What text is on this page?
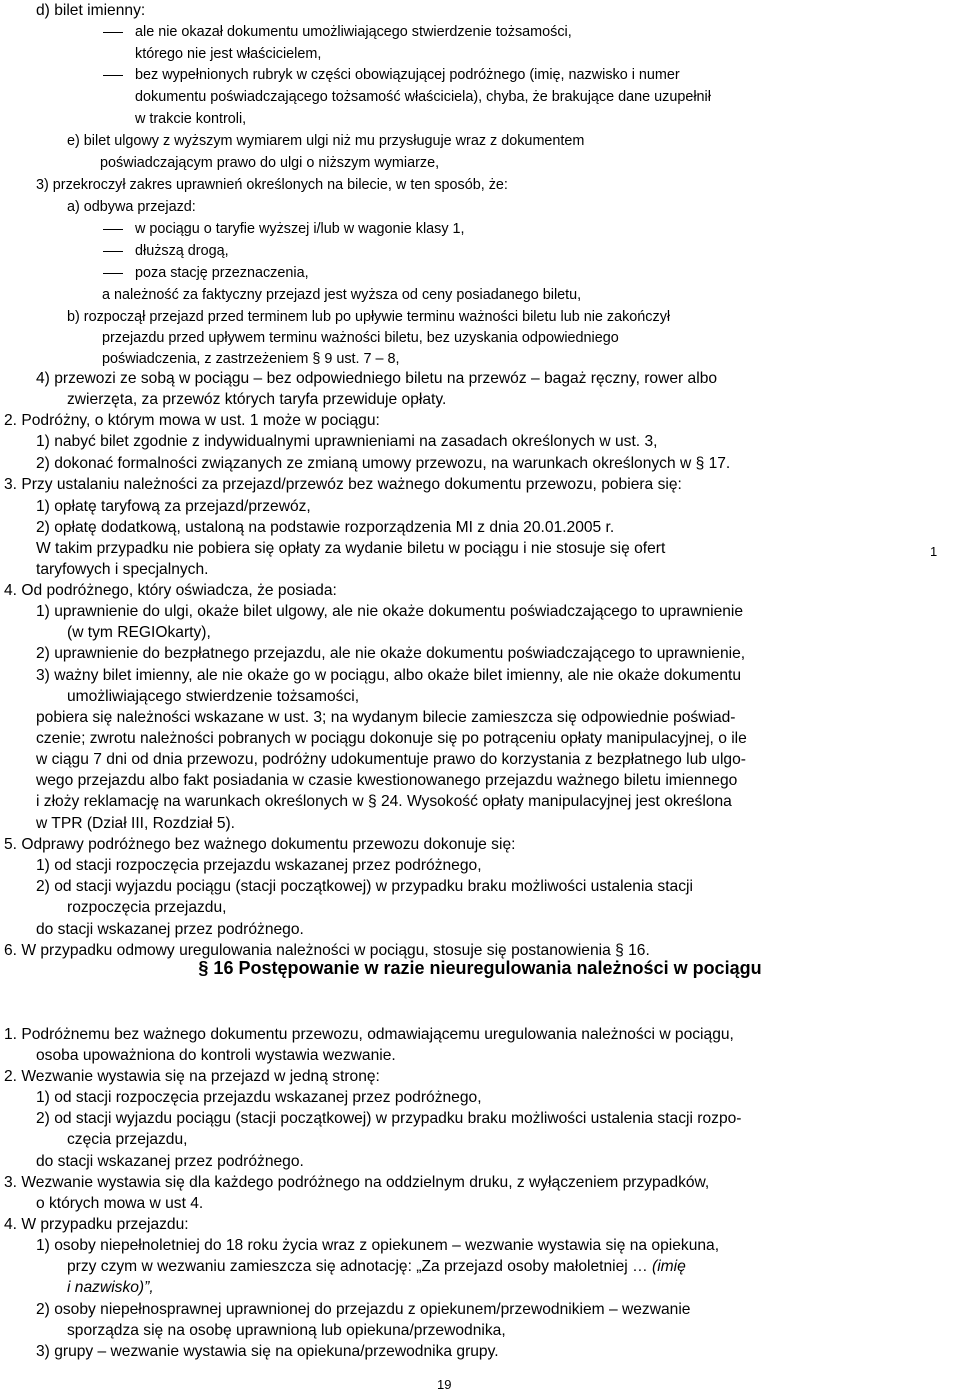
d) bilet imienny:
ale nie okazał dokumentu umożliwiającego stwierdzenie tożsamości,
którego nie jest właścicielem,
bez wypełnionych rubryk w części obowiązującej podróżnego (imię, nazwisko i numer
dokumentu poświadczającego tożsamość właściciela), chyba, że brakujące dane uzupełnił
w trakcie kontroli,
e) bilet ulgowy z wyższym wymiarem ulgi niż mu przysługuje wraz z dokumentem
poświadczającym prawo do ulgi o niższym wymiarze,
3) przekroczył zakres uprawnień określonych na bilecie, w ten sposób, że:
a) odbywa przejazd:
w pociągu o taryfie wyższej i/lub w wagonie klasy 1,
dłuższą drogą,
poza stację przeznaczenia,
a należność za faktyczny przejazd jest wyższa od ceny posiadanego biletu,
b) rozpoczął przejazd przed terminem lub po upływie terminu ważności biletu lub nie zakończył
przejazdu przed upływem terminu ważności biletu, bez uzyskania odpowiedniego
poświadczenia, z zastrzeżeniem § 9 ust. 7 – 8,
4) przewozi ze sobą w pociągu – bez odpowiedniego biletu na przewóz – bagaż ręczny, rower albo
zwierzęta, za przewóz których taryfa przewiduje opłaty.
2. Podróżny, o którym mowa w ust. 1 może w pociągu:
1) nabyć bilet zgodnie z indywidualnymi uprawnieniami na zasadach określonych w ust. 3,
2) dokonać formalności związanych ze zmianą umowy przewozu, na warunkach określonych w § 17.
3. Przy ustalaniu należności za przejazd/przewóz bez ważnego dokumentu przewozu, pobiera się:
1) opłatę taryfową za przejazd/przewóz,
2) opłatę dodatkową, ustaloną na podstawie rozporządzenia MI z dnia 20.01.2005 r.
W takim przypadku nie pobiera się opłaty za wydanie biletu w pociągu i nie stosuje się ofert
taryfowych i specjalnych.
4. Od podróżnego, który oświadcza, że posiada:
1) uprawnienie do ulgi, okaże bilet ulgowy, ale nie okaże dokumentu poświadczającego to uprawnienie
(w tym REGIOkarty),
2) uprawnienie do bezpłatnego przejazdu, ale nie okaże dokumentu poświadczającego to uprawnienie,
3) ważny bilet imienny, ale nie okaże go w pociągu, albo okaże bilet imienny, ale nie okaże dokumentu
umożliwiającego stwierdzenie tożsamości,
pobiera się należności wskazane w ust. 3; na wydanym bilecie zamieszcza się odpowiednie poświad-
czenie; zwrotu należności pobranych w pociągu dokonuje się po potrąceniu opłaty manipulacyjnej, o ile
w ciągu 7 dni od dnia przewozu, podróżny udokumentuje prawo do korzystania z bezpłatnego lub ulgo-
wego przejazdu albo fakt posiadania w czasie kwestionowanego przejazdu ważnego biletu imiennego
i złoży reklamację na warunkach określonych w § 24. Wysokość opłaty manipulacyjnej jest określona
w TPR (Dział III, Rozdział 5).
5. Odprawy podróżnego bez ważnego dokumentu przewozu dokonuje się:
1) od stacji rozpoczęcia przejazdu wskazanej przez podróżnego,
2) od stacji wyjazdu pociągu (stacji początkowej) w przypadku braku możliwości ustalenia stacji
rozpoczęcia przejazdu,
do stacji wskazanej przez podróżnego.
6. W przypadku odmowy uregulowania należności w pociągu, stosuje się postanowienia § 16.
§ 16 Postępowanie w razie nieuregulowania należności w pociągu
1. Podróżnemu bez ważnego dokumentu przewozu, odmawiającemu uregulowania należności w pociągu,
osoba upoważniona do kontroli wystawia wezwanie.
2. Wezwanie wystawia się na przejazd w jedną stronę:
1) od stacji rozpoczęcia przejazdu wskazanej przez podróżnego,
2) od stacji wyjazdu pociągu (stacji początkowej) w przypadku braku możliwości ustalenia stacji rozpo-
częcia przejazdu,
do stacji wskazanej przez podróżnego.
3. Wezwanie wystawia się dla każdego podróżnego na oddzielnym druku, z wyłączeniem przypadków,
o których mowa w ust 4.
4. W przypadku przejazdu:
1) osoby niepełnoletniej do 18 roku życia wraz z opiekunem – wezwanie wystawia się na opiekuna,
przy czym w wezwaniu zamieszcza się adnotację: „Za przejazd osoby małoletniej … (imię
i nazwisko)”,
2) osoby niepełnosprawnej uprawnionej do przejazdu z opiekunem/przewodnikiem – wezwanie
sporządza się na osobę uprawnioną lub opiekuna/przewodnika,
3) grupy – wezwanie wystawia się na opiekuna/przewodnika grupy.
1
19
